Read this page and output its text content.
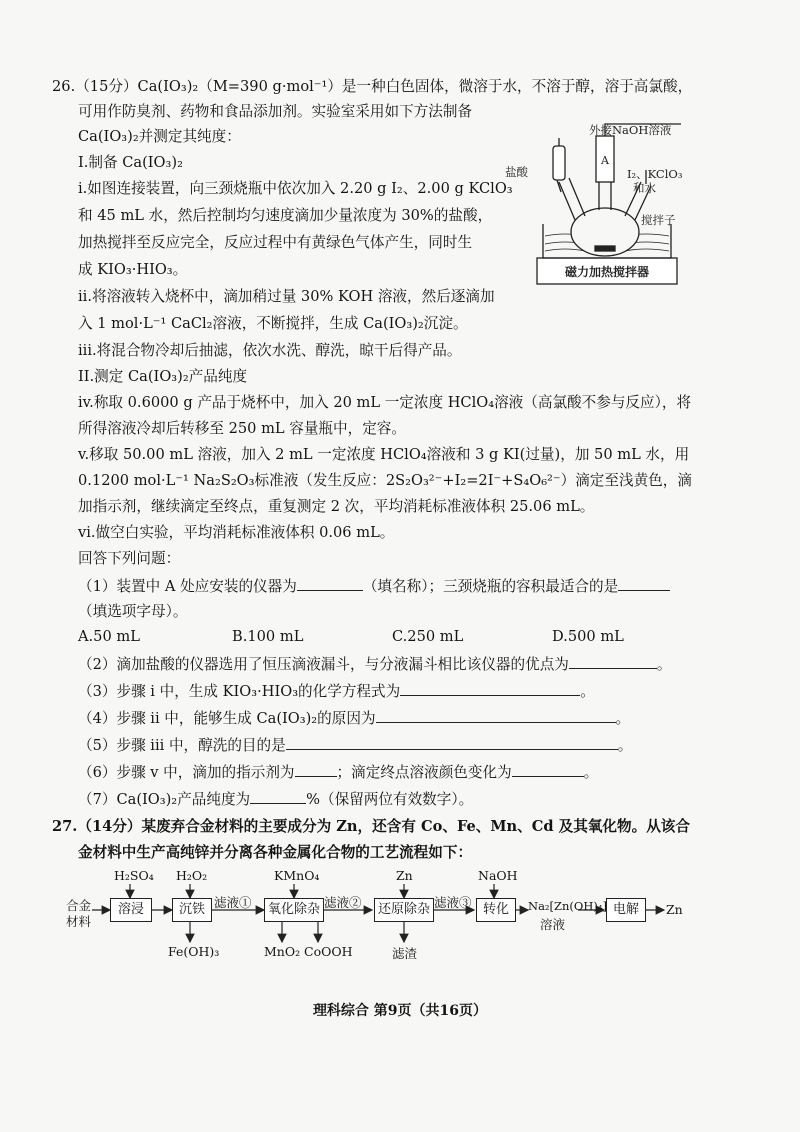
26.（15分）Ca(IO₃)₂（M=390 g·mol⁻¹）是一种白色固体，微溶于水，不溶于醇，溶于高氯酸，
可用作防臭剂、药物和食品添加剂。实验室采用如下方法制备
Ca(IO₃)₂并测定其纯度：
I.制备 Ca(IO₃)₂
i.如图连接装置，向三颈烧瓶中依次加入 2.20 g I₂、2.00 g KClO₃
和 45 mL 水，然后控制均匀速度滴加少量浓度为 30%的盐酸，
加热搅拌至反应完全，反应过程中有黄绿色气体产生，同时生
成 KIO₃·HIO₃。
ii.将溶液转入烧杯中，滴加稍过量 30% KOH 溶液，然后逐滴加
入 1 mol·L⁻¹ CaCl₂溶液，不断搅拌，生成 Ca(IO₃)₂沉淀。
iii.将混合物冷却后抽滤，依次水洗、醇洗，晾干后得产品。
II.测定 Ca(IO₃)₂产品纯度
iv.称取 0.6000 g 产品于烧杯中，加入 20 mL 一定浓度 HClO₄溶液（高氯酸不参与反应），将
所得溶液冷却后转移至 250 mL 容量瓶中，定容。
v.移取 50.00 mL 溶液，加入 2 mL 一定浓度 HClO₄溶液和 3 g KI(过量)，加 50 mL 水，用
0.1200 mol·L⁻¹ Na₂S₂O₃标准液（发生反应：2S₂O₃²⁻+I₂=2I⁻+S₄O₆²⁻）滴定至浅黄色，滴
加指示剂，继续滴定至终点，重复测定 2 次，平均消耗标准液体积 25.06 mL。
vi.做空白实验，平均消耗标准液体积 0.06 mL。
回答下列问题：
A
外接NaOH溶液
盐酸	I₂、KClO₃
和水
搅拌子
磁力加热搅拌器
（1）装置中 A 处应安装的仪器为	（填名称）；三颈烧瓶的容积最适合的是
（填选项字母）。
A.50 mL	B.100 mL	C.250 mL	D.500 mL
（2）滴加盐酸的仪器选用了恒压滴液漏斗，与分液漏斗相比该仪器的优点为	。
（3）步骤 i 中，生成 KIO₃·HIO₃的化学方程式为	。
（4）步骤 ii 中，能够生成 Ca(IO₃)₂的原因为	。
（5）步骤 iii 中，醇洗的目的是	。
（6）步骤 v 中，滴加的指示剂为	；滴定终点溶液颜色变化为	。
（7）Ca(IO₃)₂产品纯度为	%（保留两位有效数字）。
27.（14分）某废弃合金材料的主要成分为 Zn，还含有 Co、Fe、Mn、Cd 及其氧化物。从该合
金材料中生产高纯锌并分离各种金属化合物的工艺流程如下：
合金
材料
溶浸	沉铁	氧化除杂	还原除杂	转化	电解
H₂SO₄ H₂O₂	KMnO₄	Zn	NaOH
滤液①	滤液②	滤液③
Fe(OH)₃	MnO₂ CoOOH	滤渣
Na₂[Zn(OH)₄]
溶液
Zn
理科综合 第9页（共16页）
